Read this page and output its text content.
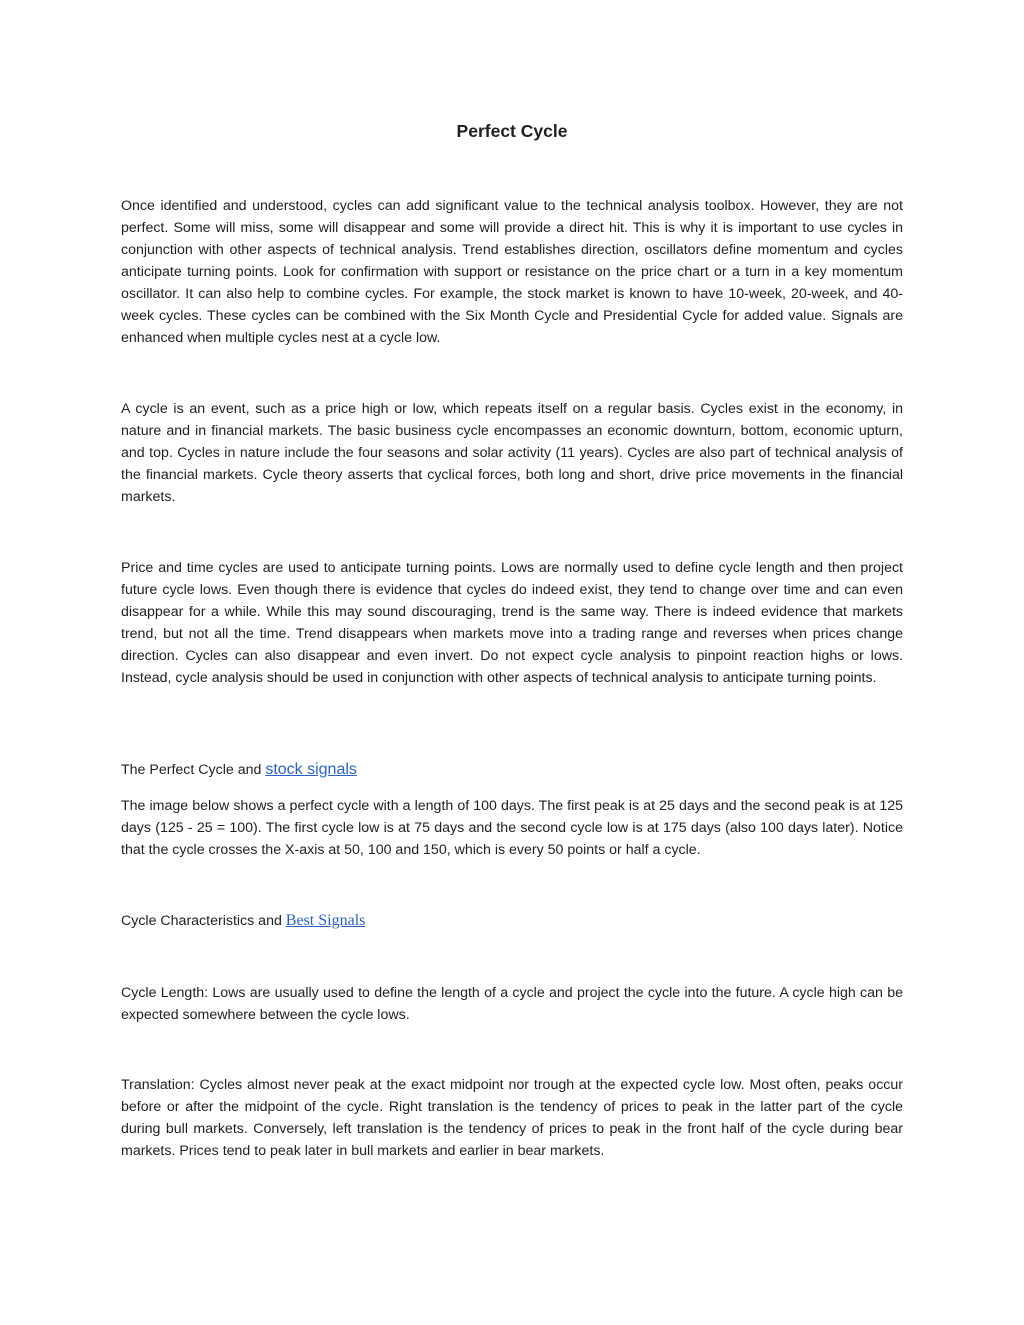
Perfect Cycle
Once identified and understood, cycles can add significant value to the technical analysis toolbox. However, they are not perfect. Some will miss, some will disappear and some will provide a direct hit. This is why it is important to use cycles in conjunction with other aspects of technical analysis. Trend establishes direction, oscillators define momentum and cycles anticipate turning points. Look for confirmation with support or resistance on the price chart or a turn in a key momentum oscillator. It can also help to combine cycles. For example, the stock market is known to have 10-week, 20-week, and 40-week cycles. These cycles can be combined with the Six Month Cycle and Presidential Cycle for added value. Signals are enhanced when multiple cycles nest at a cycle low.
A cycle is an event, such as a price high or low, which repeats itself on a regular basis. Cycles exist in the economy, in nature and in financial markets. The basic business cycle encompasses an economic downturn, bottom, economic upturn, and top. Cycles in nature include the four seasons and solar activity (11 years). Cycles are also part of technical analysis of the financial markets. Cycle theory asserts that cyclical forces, both long and short, drive price movements in the financial markets.
Price and time cycles are used to anticipate turning points. Lows are normally used to define cycle length and then project future cycle lows. Even though there is evidence that cycles do indeed exist, they tend to change over time and can even disappear for a while. While this may sound discouraging, trend is the same way. There is indeed evidence that markets trend, but not all the time. Trend disappears when markets move into a trading range and reverses when prices change direction. Cycles can also disappear and even invert. Do not expect cycle analysis to pinpoint reaction highs or lows. Instead, cycle analysis should be used in conjunction with other aspects of technical analysis to anticipate turning points.
The Perfect Cycle and stock signals
The image below shows a perfect cycle with a length of 100 days. The first peak is at 25 days and the second peak is at 125 days (125 - 25 = 100). The first cycle low is at 75 days and the second cycle low is at 175 days (also 100 days later). Notice that the cycle crosses the X-axis at 50, 100 and 150, which is every 50 points or half a cycle.
Cycle Characteristics and Best Signals
Cycle Length: Lows are usually used to define the length of a cycle and project the cycle into the future. A cycle high can be expected somewhere between the cycle lows.
Translation: Cycles almost never peak at the exact midpoint nor trough at the expected cycle low. Most often, peaks occur before or after the midpoint of the cycle. Right translation is the tendency of prices to peak in the latter part of the cycle during bull markets. Conversely, left translation is the tendency of prices to peak in the front half of the cycle during bear markets. Prices tend to peak later in bull markets and earlier in bear markets.
